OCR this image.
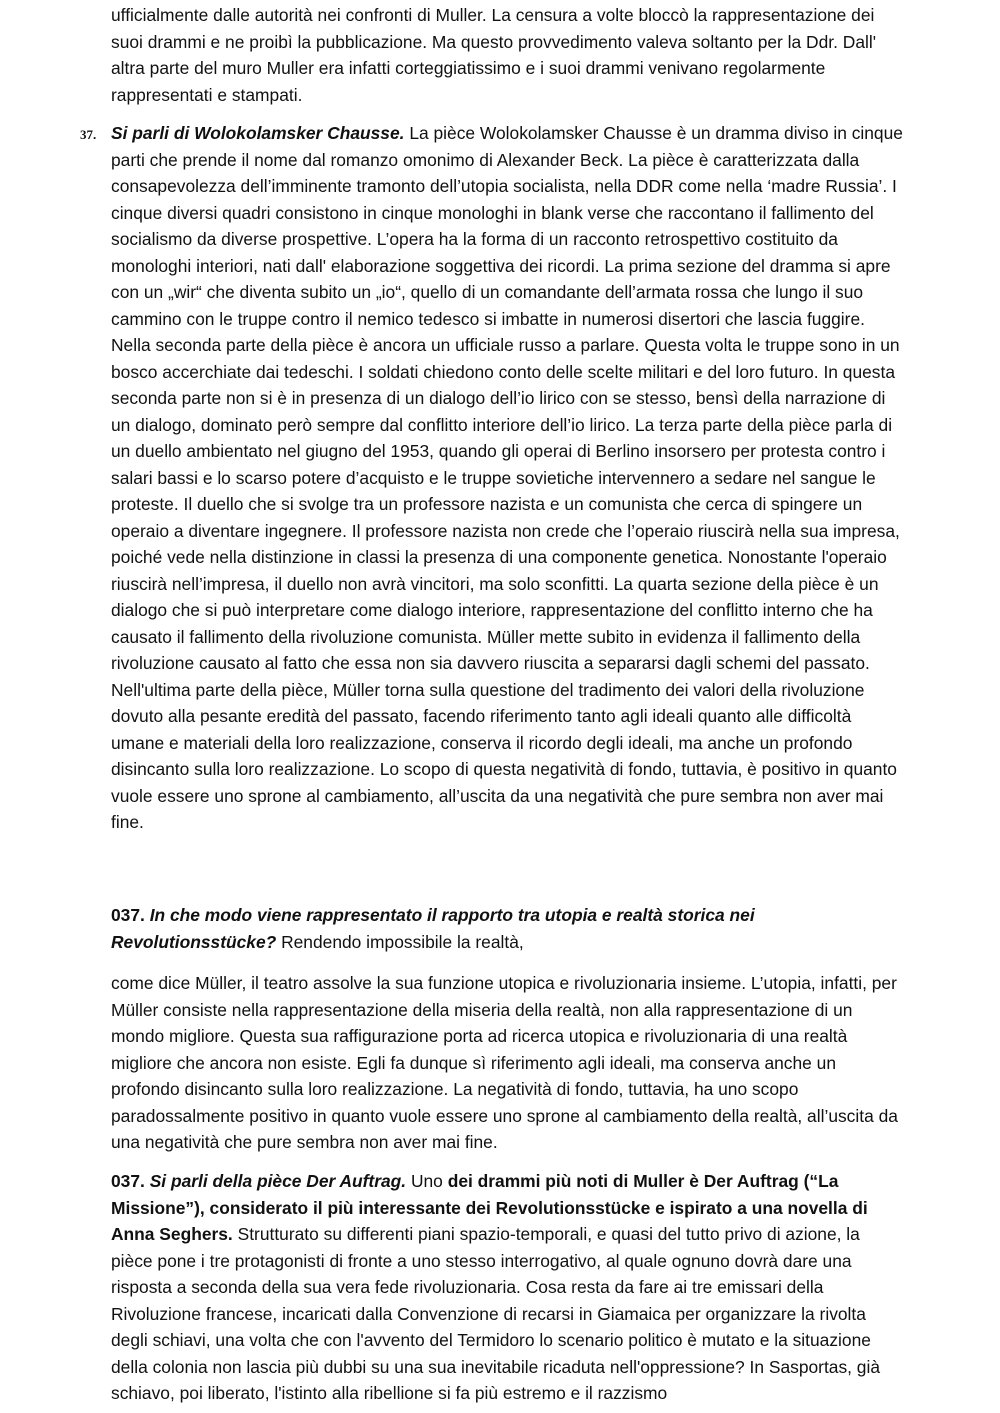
ufficialmente dalle autorità nei confronti di Muller. La censura a volte bloccò la rappresentazione dei suoi drammi e ne proibì la pubblicazione. Ma questo provvedimento valeva soltanto per la Ddr. Dall' altra parte del muro Muller era infatti corteggiatissimo e i suoi drammi venivano regolarmente rappresentati e stampati.

37. Si parli di Wolokolamsker Chausse. La pièce Wolokolamsker Chausse è un dramma diviso in cinque parti che prende il nome dal romanzo omonimo di Alexander Beck. La pièce è caratterizzata dalla consapevolezza dell’imminente tramonto dell’utopia socialista, nella DDR come nella ‘madre Russia’. I cinque diversi quadri consistono in cinque monologhi in blank verse che raccontano il fallimento del socialismo da diverse prospettive. L’opera ha la forma di un racconto retrospettivo costituito da monologhi interiori, nati dall' elaborazione soggettiva dei ricordi. La prima sezione del dramma si apre con un „wir“ che diventa subito un „io“, quello di un comandante dell’armata rossa che lungo il suo cammino con le truppe contro il nemico tedesco si imbatte in numerosi disertori che lascia fuggire. Nella seconda parte della pièce è ancora un ufficiale russo a parlare. Questa volta le truppe sono in un bosco accerchiate dai tedeschi. I soldati chiedono conto delle scelte militari e del loro futuro. In questa seconda parte non si è in presenza di un dialogo dell’io lirico con se stesso, bensì della narrazione di un dialogo, dominato però sempre dal conflitto interiore dell’io lirico. La terza parte della pièce parla di un duello ambientato nel giugno del 1953, quando gli operai di Berlino insorsero per protesta contro i salari bassi e lo scarso potere d’acquisto e le truppe sovietiche intervennero a sedare nel sangue le proteste. Il duello che si svolge tra un professore nazista e un comunista che cerca di spingere un operaio a diventare ingegnere. Il professore nazista non crede che l’operaio riuscirà nella sua impresa, poiché vede nella distinzione in classi la presenza di una componente genetica. Nonostante l'operaio riuscirà nell’impresa, il duello non avrà vincitori, ma solo sconfitti. La quarta sezione della pièce è un dialogo che si può interpretare come dialogo interiore, rappresentazione del conflitto interno che ha causato il fallimento della rivoluzione comunista. Müller mette subito in evidenza il fallimento della rivoluzione causato al fatto che essa non sia davvero riuscita a separarsi dagli schemi del passato. Nell'ultima parte della pièce, Müller torna sulla questione del tradimento dei valori della rivoluzione dovuto alla pesante eredità del passato, facendo riferimento tanto agli ideali quanto alle difficoltà umane e materiali della loro realizzazione, conserva il ricordo degli ideali, ma anche un profondo disincanto sulla loro realizzazione. Lo scopo di questa negatività di fondo, tuttavia, è positivo in quanto vuole essere uno sprone al cambiamento, all’uscita da una negatività che pure sembra non aver mai fine.

037. In che modo viene rappresentato il rapporto tra utopia e realtà storica nei Revolutionsstücke? Rendendo impossibile la realtà,

come dice Müller, il teatro assolve la sua funzione utopica e rivoluzionaria insieme. L’utopia, infatti, per Müller consiste nella rappresentazione della miseria della realtà, non alla rappresentazione di un mondo migliore. Questa sua raffigurazione porta ad ricerca utopica e rivoluzionaria di una realtà migliore che ancora non esiste. Egli fa dunque sì riferimento agli ideali, ma conserva anche un profondo disincanto sulla loro realizzazione. La negatività di fondo, tuttavia, ha uno scopo paradossalmente positivo in quanto vuole essere uno sprone al cambiamento della realtà, all’uscita da una negatività che pure sembra non aver mai fine.

037. Si parli della pièce Der Auftrag. Uno dei drammi più noti di Muller è Der Auftrag (“La Missione”), considerato il più interessante dei Revolutionsstücke e ispirato a una novella di Anna Seghers. Strutturato su differenti piani spazio-temporali, e quasi del tutto privo di azione, la pièce pone i tre protagonisti di fronte a uno stesso interrogativo, al quale ognuno dovrà dare una risposta a seconda della sua vera fede rivoluzionaria. Cosa resta da fare ai tre emissari della Rivoluzione francese, incaricati dalla Convenzione di recarsi in Giamaica per organizzare la rivolta degli schiavi, una volta che con l'avvento del Termidoro lo scenario politico è mutato e la situazione della colonia non lascia più dubbi su una sua inevitabile ricaduta nell'oppressione? In Sasportas, già schiavo, poi liberato, l'istinto alla ribellione si fa più estremo e il razzismo
